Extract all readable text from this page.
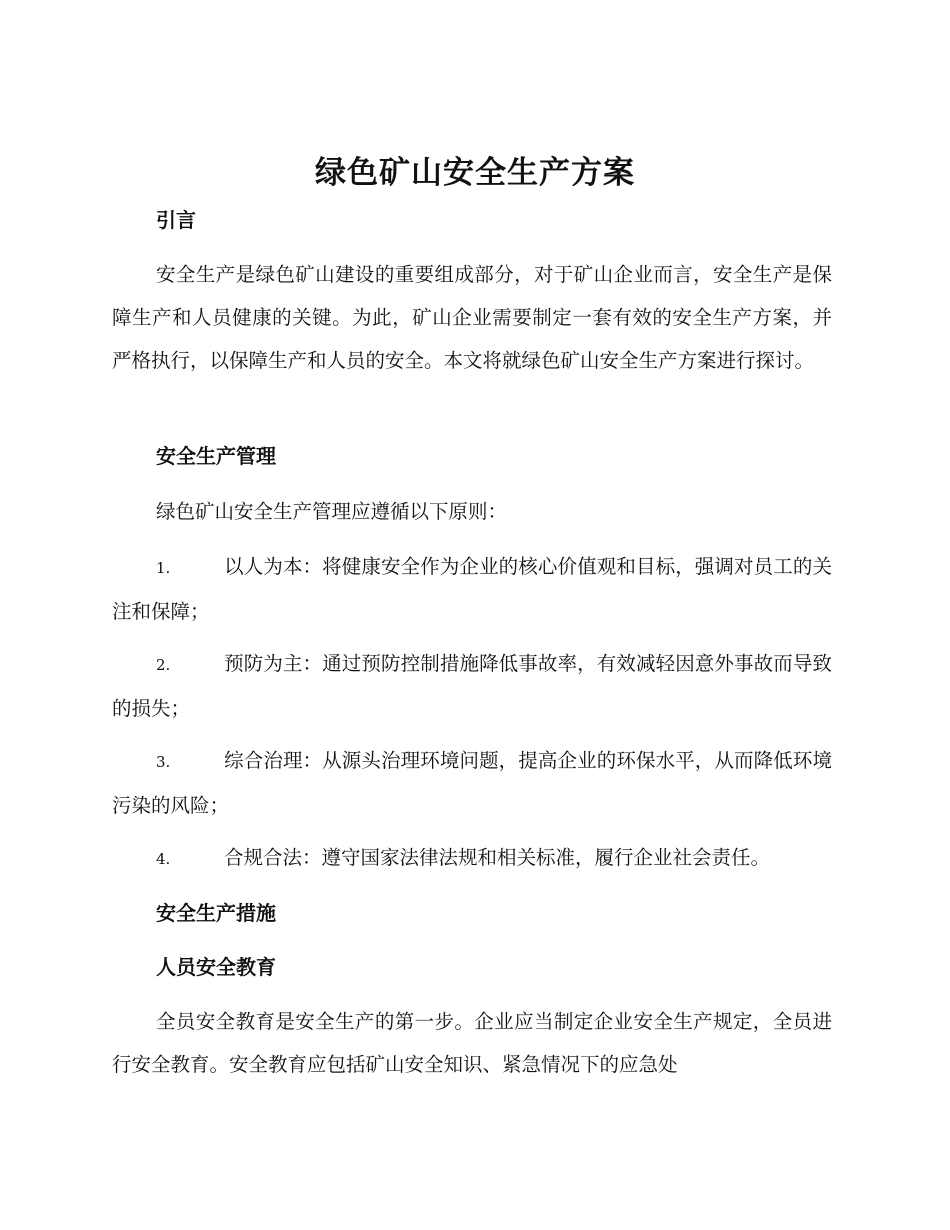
绿色矿山安全生产方案
引言
安全生产是绿色矿山建设的重要组成部分，对于矿山企业而言，安全生产是保障生产和人员健康的关键。为此，矿山企业需要制定一套有效的安全生产方案，并严格执行，以保障生产和人员的安全。本文将就绿色矿山安全生产方案进行探讨。
安全生产管理
绿色矿山安全生产管理应遵循以下原则：
1.	以人为本：将健康安全作为企业的核心价值观和目标，强调对员工的关注和保障；
2.	预防为主：通过预防控制措施降低事故率，有效减轻因意外事故而导致的损失；
3.	综合治理：从源头治理环境问题，提高企业的环保水平，从而降低环境污染的风险；
4.	合规合法：遵守国家法律法规和相关标准，履行企业社会责任。
安全生产措施
人员安全教育
全员安全教育是安全生产的第一步。企业应当制定企业安全生产规定，全员进行安全教育。安全教育应包括矿山安全知识、紧急情况下的应急处
